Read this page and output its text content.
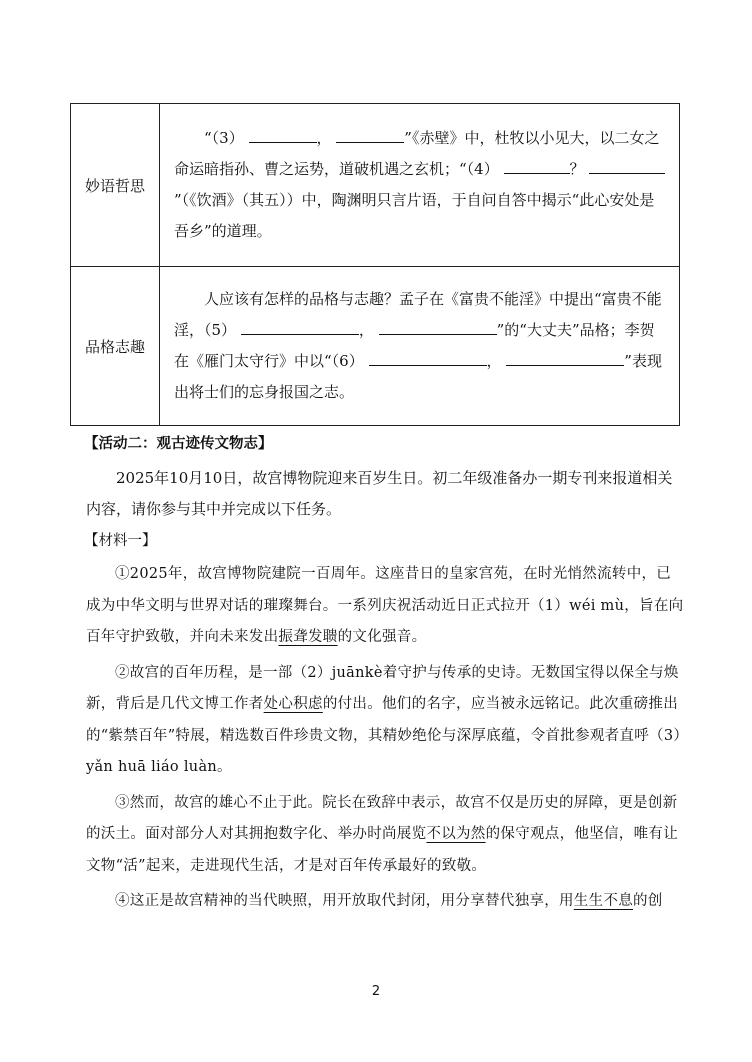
妙语哲思	“（3） ， ”《赤壁》中，杜牧以小见大，以二女之命运暗指孙、曹之运势，道破机遇之玄机；“（4） ？ ”（《饮酒》（其五））中，陶渊明只言片语，于自问自答中揭示“此心安处是吾乡”的道理。

品格志趣	人应该有怎样的品格与志趣？孟子在《富贵不能淫》中提出“富贵不能淫，（5） ， ”的“大丈夫”品格；李贺在《雁门太守行》中以“（6） ， ”表现出将士们的忘身报国之志。
【活动二：观古迹传文物志】
2025年10月10日，故宫博物院迎来百岁生日。初二年级准备办一期专刊来报道相关内容，请你参与其中并完成以下任务。
【材料一】
①2025年，故宫博物院建院一百周年。这座昔日的皇家宫苑，在时光悄然流转中，已成为中华文明与世界对话的璀璨舞台。一系列庆祝活动近日正式拉开（1）wéi mù，旨在向百年守护致敬，并向未来发出振聋发聩的文化强音。
②故宫的百年历程，是一部（2）juānkè着守护与传承的史诗。无数国宝得以保全与焕新，背后是几代文博工作者处心积虑的付出。他们的名字，应当被永远铭记。此次重磅推出的“紫禁百年”特展，精选数百件珍贵文物，其精妙绝伦与深厚底蕴，令首批参观者直呼（3）yǎn huā liáo luàn。
③然而，故宫的雄心不止于此。院长在致辞中表示，故宫不仅是历史的屏障，更是创新的沃土。面对部分人对其拥抱数字化、举办时尚展览不以为然的保守观点，他坚信，唯有让文物“活”起来，走进现代生活，才是对百年传承最好的致敬。
④这正是故宫精神的当代映照，用开放取代封闭，用分享替代独享，用生生不息的创
2
